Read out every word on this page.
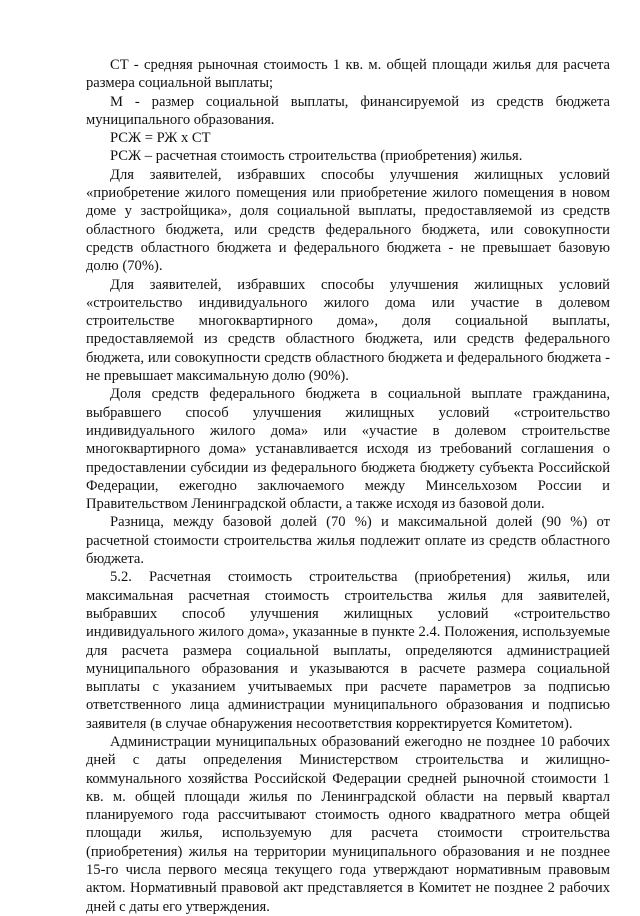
СТ - средняя рыночная стоимость 1 кв. м. общей площади жилья для расчета размера социальной выплаты;

М - размер социальной выплаты, финансируемой из средств бюджета муниципального образования.

РСЖ = РЖ х СТ

РСЖ – расчетная стоимость строительства (приобретения) жилья.

Для заявителей, избравших способы улучшения жилищных условий «приобретение жилого помещения или приобретение жилого помещения в новом доме у застройщика», доля социальной выплаты, предоставляемой из средств областного бюджета, или средств федерального бюджета, или совокупности средств областного бюджета и федерального бюджета - не превышает базовую долю (70%).

Для заявителей, избравших способы улучшения жилищных условий «строительство индивидуального жилого дома или участие в долевом строительстве многоквартирного дома», доля социальной выплаты, предоставляемой из средств областного бюджета, или средств федерального бюджета, или совокупности средств областного бюджета и федерального бюджета - не превышает максимальную долю (90%).

Доля средств федерального бюджета в социальной выплате гражданина, выбравшего способ улучшения жилищных условий «строительство индивидуального жилого дома» или «участие в долевом строительстве многоквартирного дома» устанавливается исходя из требований соглашения о предоставлении субсидии из федерального бюджета бюджету субъекта Российской Федерации, ежегодно заключаемого между Минсельхозом России и Правительством Ленинградской области, а также исходя из базовой доли.

Разница, между базовой долей (70 %) и максимальной долей (90 %) от расчетной стоимости строительства жилья подлежит оплате из средств областного бюджета.

5.2. Расчетная стоимость строительства (приобретения) жилья, или максимальная расчетная стоимость строительства жилья для заявителей, выбравших способ улучшения жилищных условий «строительство индивидуального жилого дома», указанные в пункте 2.4. Положения, используемые для расчета размера социальной выплаты, определяются администрацией муниципального образования и указываются в расчете размера социальной выплаты с указанием учитываемых при расчете параметров за подписью ответственного лица администрации муниципального образования и подписью заявителя (в случае обнаружения несоответствия корректируется Комитетом).

Администрации муниципальных образований ежегодно не позднее 10 рабочих дней с даты определения Министерством строительства и жилищно-коммунального хозяйства Российской Федерации средней рыночной стоимости 1 кв. м. общей площади жилья по Ленинградской области на первый квартал планируемого года рассчитывают стоимость одного квадратного метра общей площади жилья, используемую для расчета стоимости строительства (приобретения) жилья на территории муниципального образования и не позднее 15-го числа первого месяца текущего года утверждают нормативным правовым актом. Нормативный правовой акт представляется в Комитет не позднее 2 рабочих дней с даты его утверждения.
